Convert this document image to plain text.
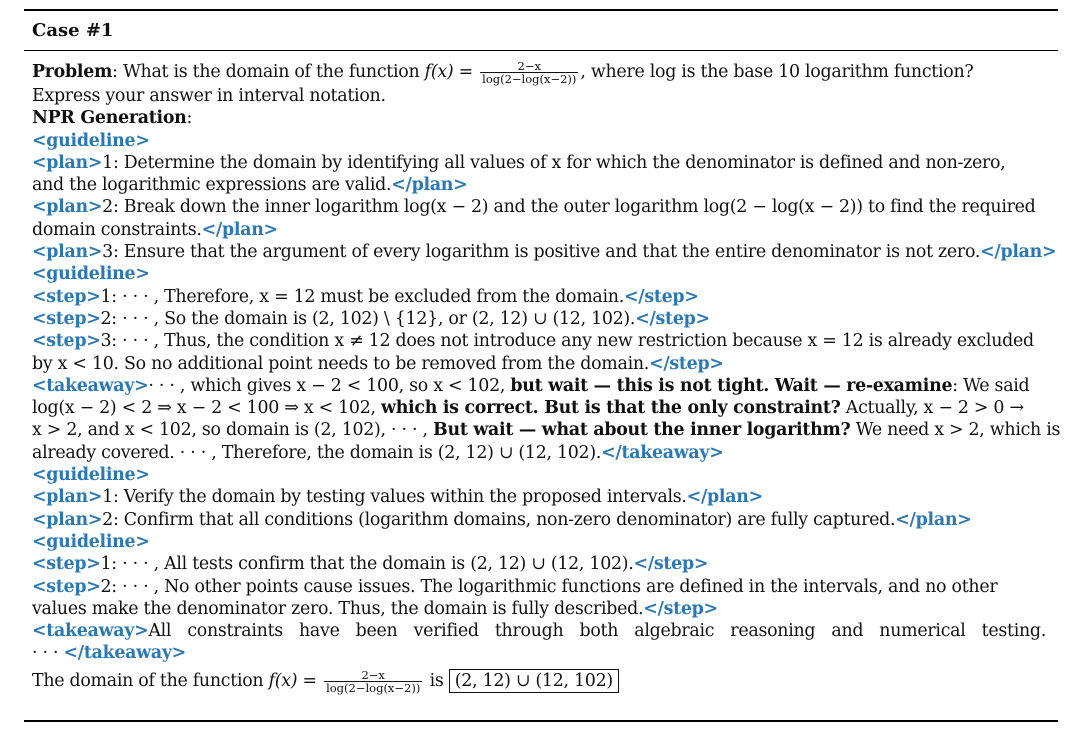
Case #1
Problem: What is the domain of the function $f(x) = \frac{2-x}{\log(2-\log(x-2))}$ , where log is the base 10 logarithm function?
Express your answer in interval notation.
NPR Generation:
<guideline>
<plan>1: Determine the domain by identifying all values of x for which the denominator is defined and non-zero,
and the logarithmic expressions are valid.</plan>
<plan>2: Break down the inner logarithm log(x − 2) and the outer logarithm log(2 − log(x − 2)) to find the required
domain constraints.</plan>
<plan>3: Ensure that the argument of every logarithm is positive and that the entire denominator is not zero.</plan>
<guideline>
<step>1: · · · , Therefore, x = 12 must be excluded from the domain.</step>
<step>2: · · · , So the domain is (2, 102) \ {12}, or (2, 12) ∪ (12, 102).</step>
<step>3: · · · , Thus, the condition x ≠ 12 does not introduce any new restriction because x = 12 is already excluded
by x < 10. So no additional point needs to be removed from the domain.</step>
<takeaway>· · · , which gives x − 2 < 100, so x < 102, but wait — this is not tight. Wait — re-examine: We said
log(x − 2) < 2 ⇒ x − 2 < 100 ⇒ x < 102, which is correct. But is that the only constraint? Actually, x − 2 > 0 →
x > 2, and x < 102, so domain is (2, 102), · · · , But wait — what about the inner logarithm? We need x > 2, which is
already covered. · · · , Therefore, the domain is (2, 12) ∪ (12, 102).</takeaway>
<guideline>
<plan>1: Verify the domain by testing values within the proposed intervals.</plan>
<plan>2: Confirm that all conditions (logarithm domains, non-zero denominator) are fully captured.</plan>
<guideline>
<step>1: · · · , All tests confirm that the domain is (2, 12) ∪ (12, 102).</step>
<step>2: · · · , No other points cause issues. The logarithmic functions are defined in the intervals, and no other
values make the denominator zero. Thus, the domain is fully described.</step>
<takeaway>All constraints have been verified through both algebraic reasoning and numerical testing.
· · · </takeaway>
The domain of the function $f(x) = \frac{2-x}{\log(2-\log(x-2))}$ is (2, 12) ∪ (12, 102)
